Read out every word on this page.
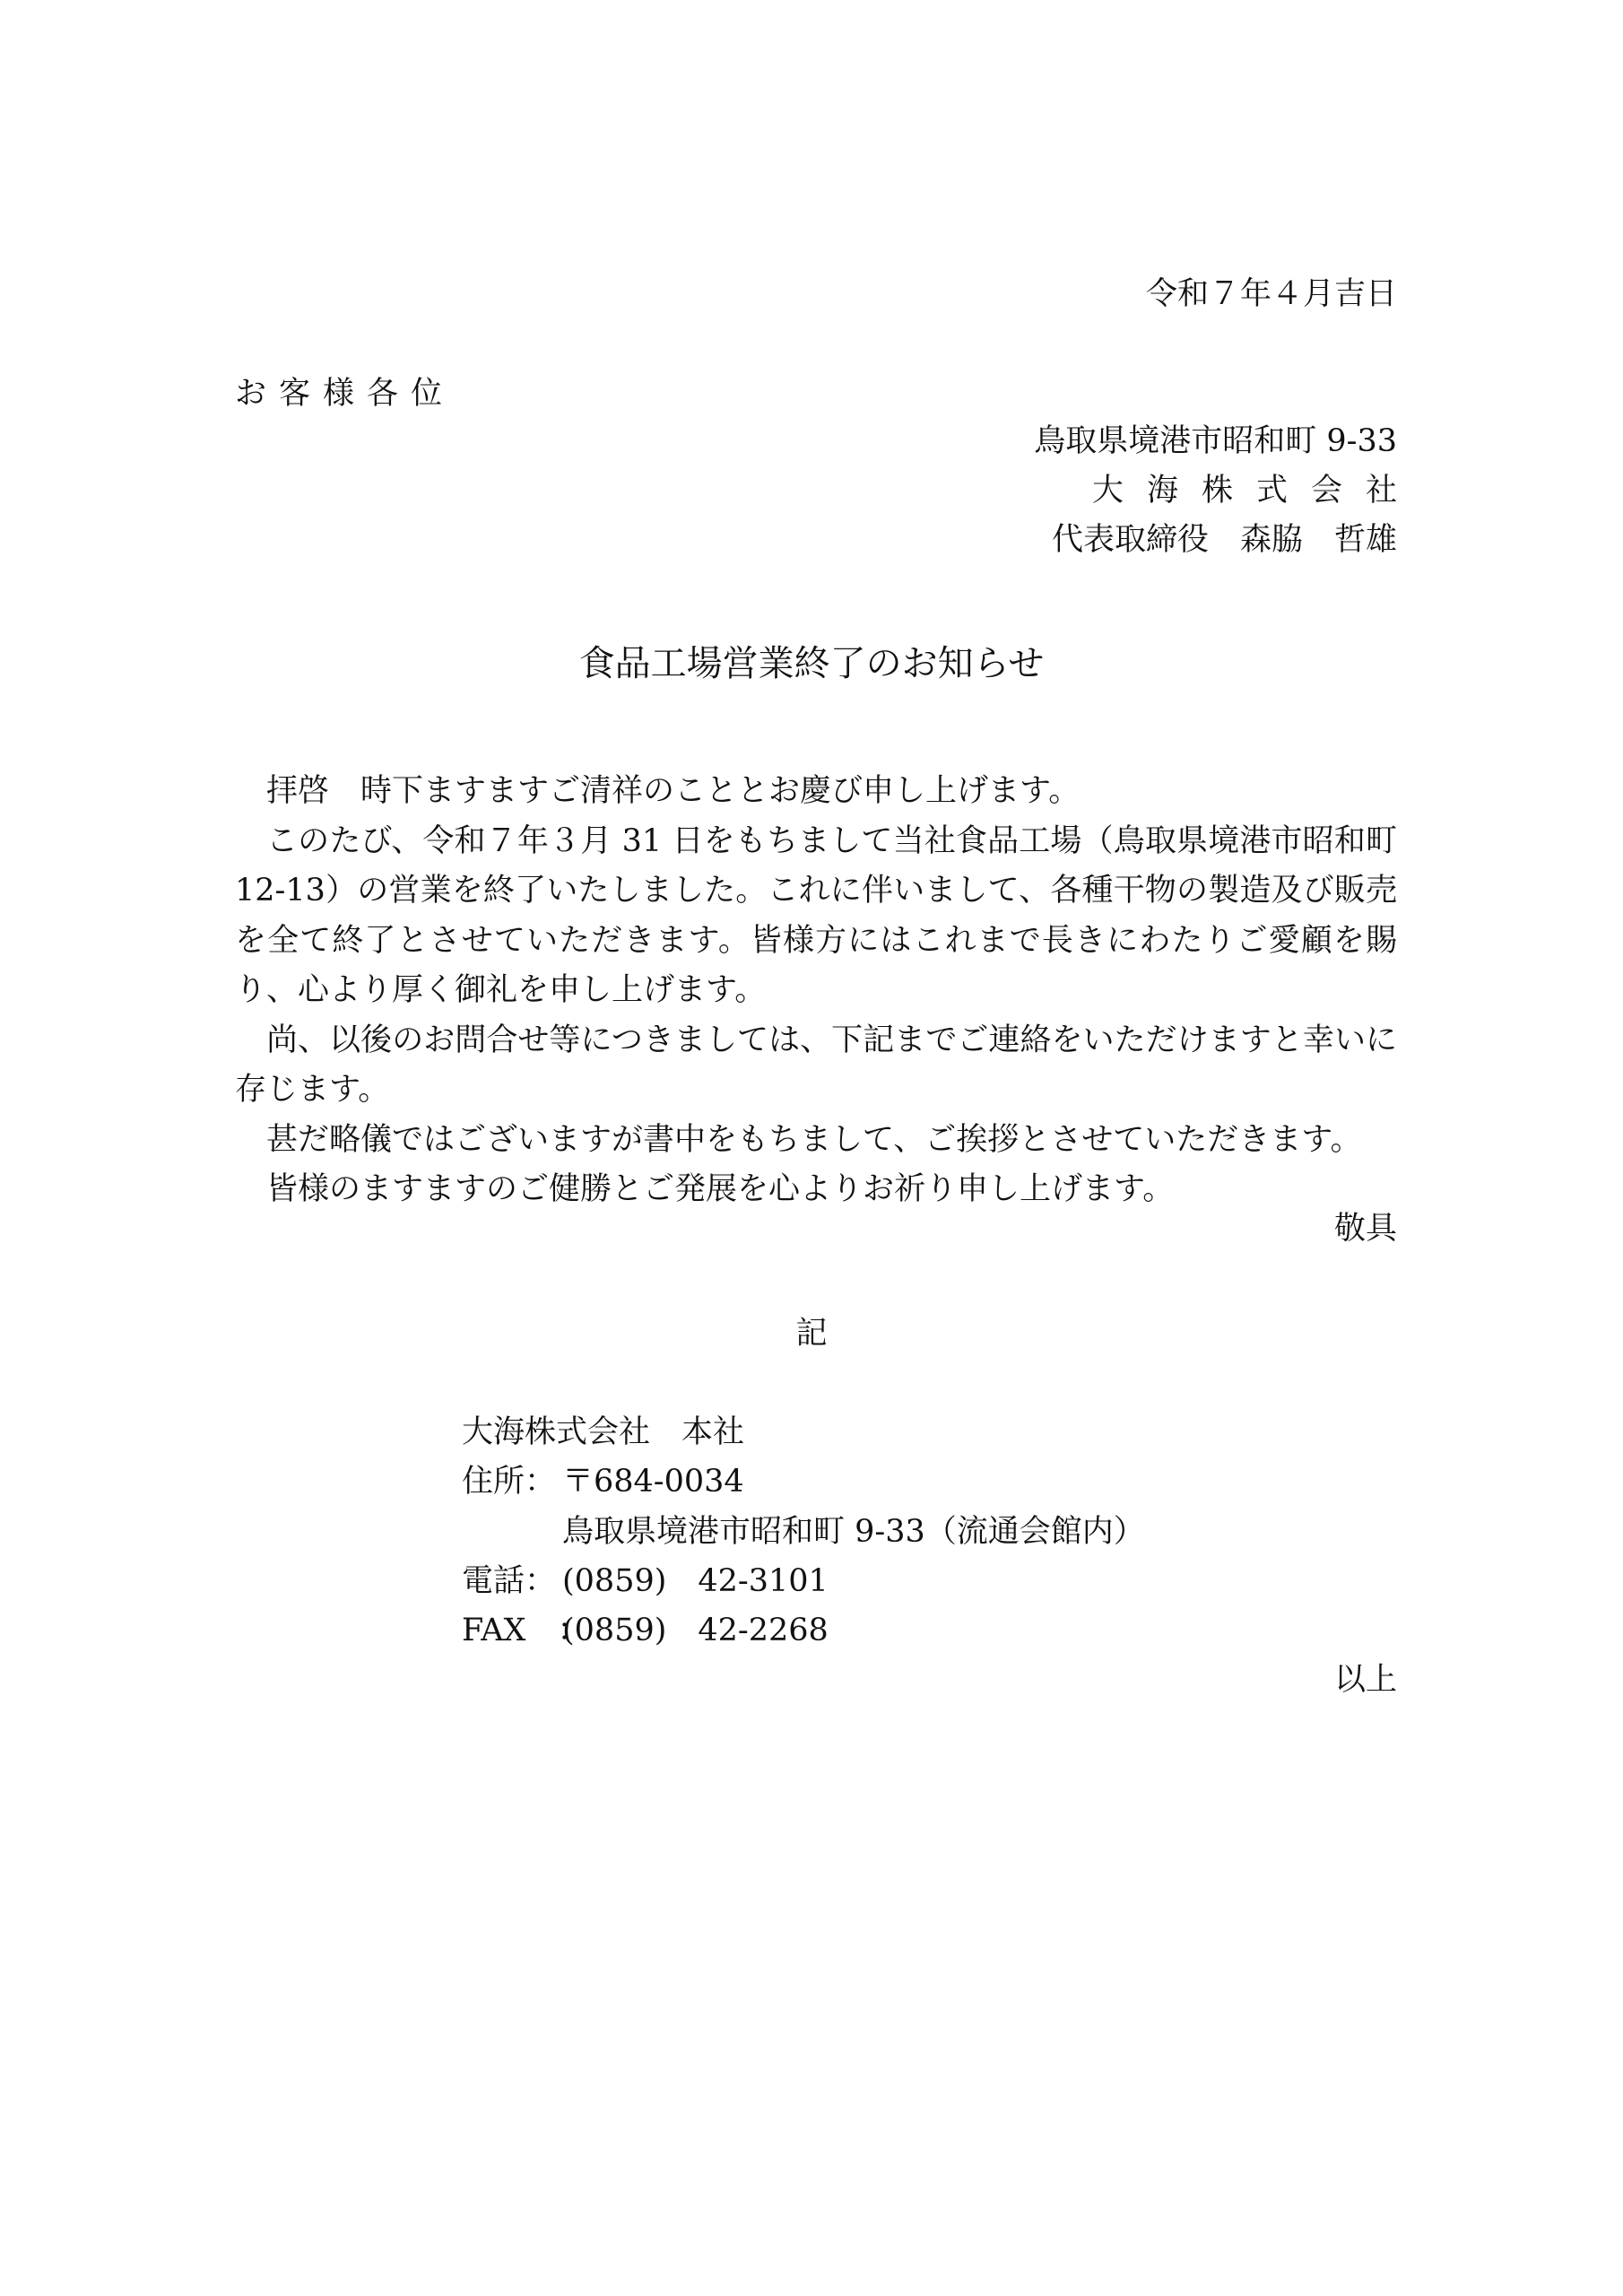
令和７年４月吉日
お客様各位
鳥取県境港市昭和町 9-33
大海株式会社
代表取締役　森脇　哲雄
食品工場営業終了のお知らせ

拝啓　時下ますますご清祥のこととお慶び申し上げます。

このたび、令和７年３月 31 日をもちまして当社食品工場（鳥取県境港市昭和町 12-13）の営業を終了いたしました。これに伴いまして、各種干物の製造及び販売を全て終了とさせていただきます。皆様方にはこれまで長きにわたりご愛顧を賜り、心より厚く御礼を申し上げます。

尚、以後のお問合せ等につきましては、下記までご連絡をいただけますと幸いに存じます。

甚だ略儀ではございますが書中をもちまして、ご挨拶とさせていただきます。

皆様のますますのご健勝とご発展を心よりお祈り申し上げます。

敬具
記
大海株式会社　本社
住所： 〒684-0034
鳥取県境港市昭和町 9-33（流通会館内）
電話： (0859)　42-3101
FAX　：(0859)　42-2268
以上
